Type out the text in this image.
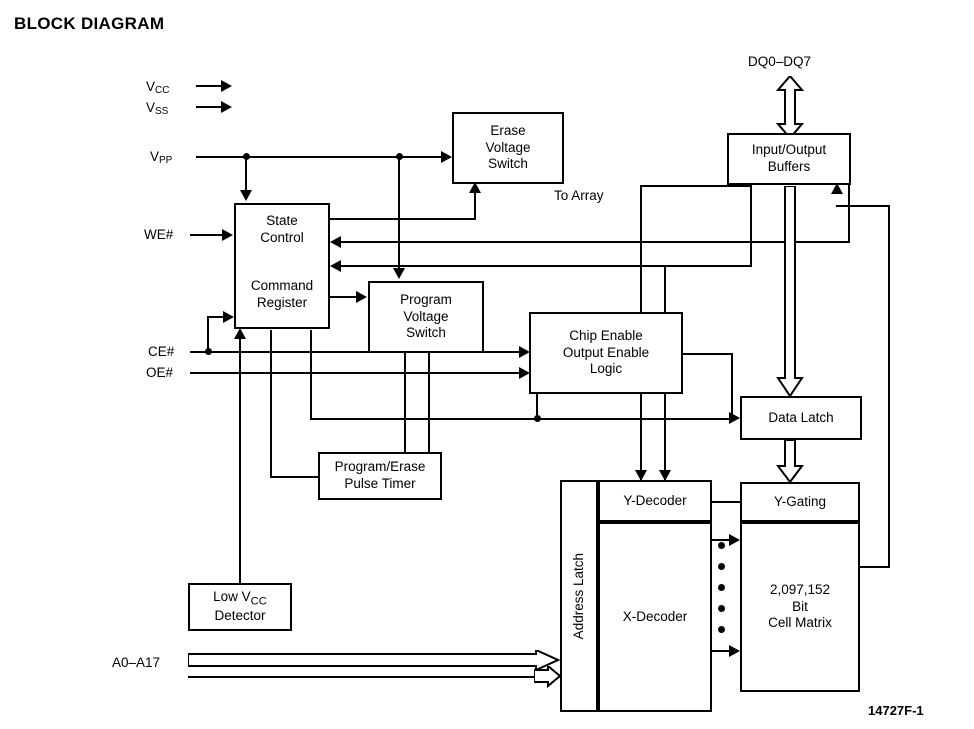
BLOCK DIAGRAM
14727F-1
$V_{CC}$
$V_{SS}$
$V_{PP}$
WE#
CE#
OE#
A0–A17
DQ0–DQ7
To Array
Erase
Voltage
Switch
Input/Output
Buffers
State
Control
Command
Register	Program
Voltage
Switch	Chip Enable
Output Enable
Logic
Data Latch
Program/Erase
Pulse Timer
Low $V_{CC}$
Detector	Address Latch
Y-Decoder
X-Decoder
Y-Gating
2,097,152
Bit
Cell Matrix
